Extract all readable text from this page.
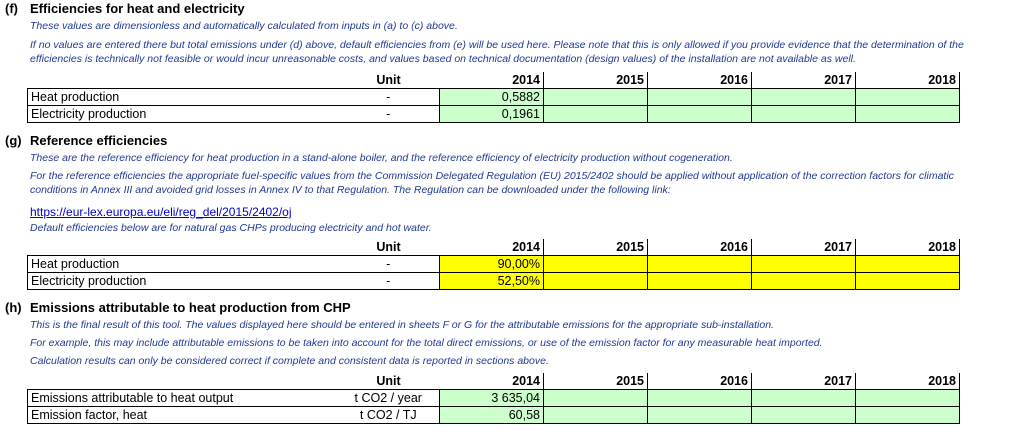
(f) Efficiencies for heat and electricity
These values are dimensionless and automatically calculated from inputs in (a) to (c) above.
If no values are entered there but total emissions under (d) above, default efficiencies from (e) will be used here. Please note that this is only allowed if you provide evidence that the determination of the
efficiencies is technically not feasible or would incur unreasonable costs, and values based on technical documentation (design values) of the installation are not available as well.
	Unit	2014	2015	2016	2017	2018
Heat production	-	0,5882				
Electricity production	-	0,1961				
(g) Reference efficiencies
These are the reference efficiency for heat production in a stand-alone boiler, and the reference efficiency of electricity production without cogeneration.
For the reference efficiencies the appropriate fuel-specific values from the Commission Delegated Regulation (EU) 2015/2402 should be applied without application of the correction factors for climatic
conditions in Annex III and avoided grid losses in Annex IV to that Regulation. The Regulation can be downloaded under the following link:
https://eur-lex.europa.eu/eli/reg_del/2015/2402/oj
Default efficiencies below are for natural gas CHPs producing electricity and hot water.
	Unit	2014	2015	2016	2017	2018
Heat production	-	90,00%				
Electricity production	-	52,50%				
(h) Emissions attributable to heat production from CHP
This is the final result of this tool. The values displayed here should be entered in sheets F or G for the attributable emissions for the appropriate sub-installation.
For example, this may include attributable emissions to be taken into account for the total direct emissions, or use of the emission factor for any measurable heat imported.
Calculation results can only be considered correct if complete and consistent data is reported in sections above.
	Unit	2014	2015	2016	2017	2018
Emissions attributable to heat output	t CO2 / year	3 635,04				
Emission factor, heat	t CO2 / TJ	60,58				
